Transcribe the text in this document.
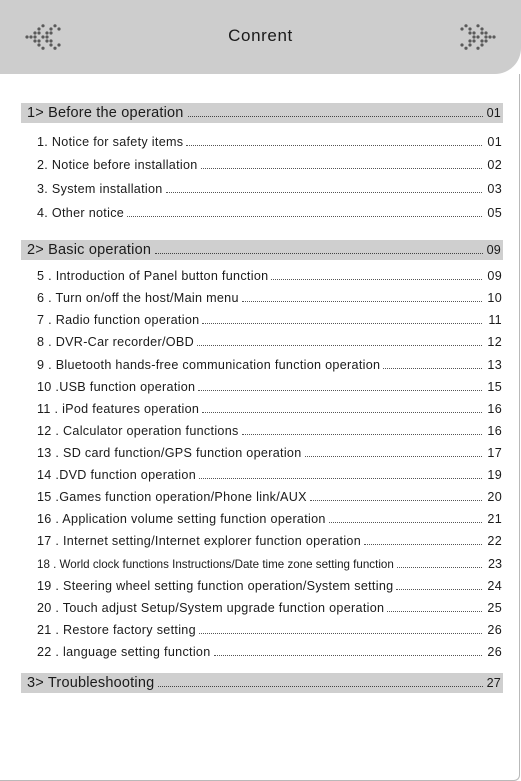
Conrent
1> Before the operation	01
1. Notice for safety items	01
2. Notice before installation	02
3. System installation	03
4. Other notice	05
2> Basic operation	09
5 . Introduction of Panel button function	09
6 . Turn on/off the host/Main menu	10
7 . Radio function operation	11
8 . DVR-Car recorder/OBD	12
9 . Bluetooth hands-free communication function operation	13
10 .USB function operation	15
11 . iPod features operation	16
12 . Calculator operation functions	16
13 . SD card function/GPS function operation	17
14 .DVD function operation	19
15 .Games function operation/Phone link/AUX	20
16 . Application volume setting function operation	21
17 . Internet setting/Internet explorer function operation	22
18 . World clock functions Instructions/Date time zone setting function	23
19 . Steering wheel setting function operation/System setting	24
20 . Touch adjust Setup/System upgrade function operation	25
21 . Restore factory setting	26
22 . language setting function	26
3> Troubleshooting	27
